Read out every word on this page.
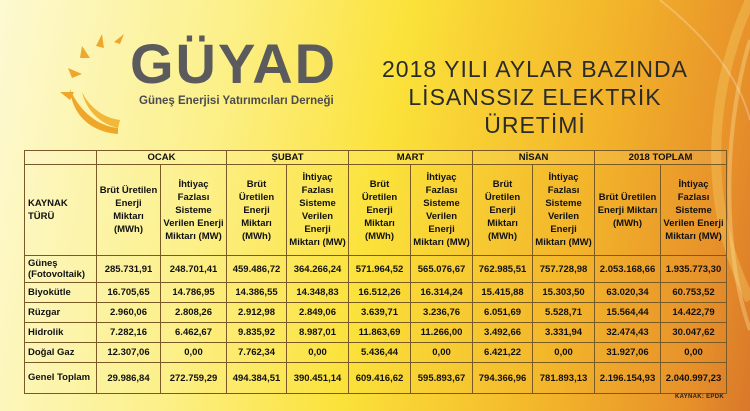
GÜYAD
Güneş Enerjisi Yatırımcıları Derneği
2018 YILI AYLAR BAZINDA
LİSANSSIZ ELEKTRİK ÜRETİMİ
	OCAK		ŞUBAT		MART		NİSAN		2018 TOPLAM	
KAYNAK TÜRÜ	Brüt Üretilen Enerji Miktarı (MWh)	İhtiyaç Fazlası Sisteme Verilen Enerji Miktarı (MW)	Brüt Üretilen Enerji Miktarı (MWh)	İhtiyaç Fazlası Sisteme Verilen Enerji Miktarı (MW)	Brüt Üretilen Enerji Miktarı (MWh)	İhtiyaç Fazlası Sisteme Verilen Enerji Miktarı (MW)	Brüt Üretilen Enerji Miktarı (MWh)	İhtiyaç Fazlası Sisteme Verilen Enerji Miktarı (MW)	Brüt Üretilen Enerji Miktarı (MWh)	İhtiyaç Fazlası Sisteme Verilen Enerji Miktarı (MW)
Güneş (Fotovoltaik)	285.731,91	248.701,41	459.486,72	364.266,24	571.964,52	565.076,67	762.985,51	757.728,98	2.053.168,66	1.935.773,30
Biyokütle	16.705,65	14.786,95	14.386,55	14.348,83	16.512,26	16.314,24	15.415,88	15.303,50	63.020,34	60.753,52
Rüzgar	2.960,06	2.808,26	2.912,98	2.849,06	3.639,71	3.236,76	6.051,69	5.528,71	15.564,44	14.422,79
Hidrolik	7.282,16	6.462,67	9.835,92	8.987,01	11.863,69	11.266,00	3.492,66	3.331,94	32.474,43	30.047,62
Doğal Gaz	12.307,06	0,00	7.762,34	0,00	5.436,44	0,00	6.421,22	0,00	31.927,06	0,00
Genel Toplam	29.986,84	272.759,29	494.384,51	390.451,14	609.416,62	595.893,67	794.366,96	781.893,13	2.196.154,93	2.040.997,23
KAYNAK: EPDK
